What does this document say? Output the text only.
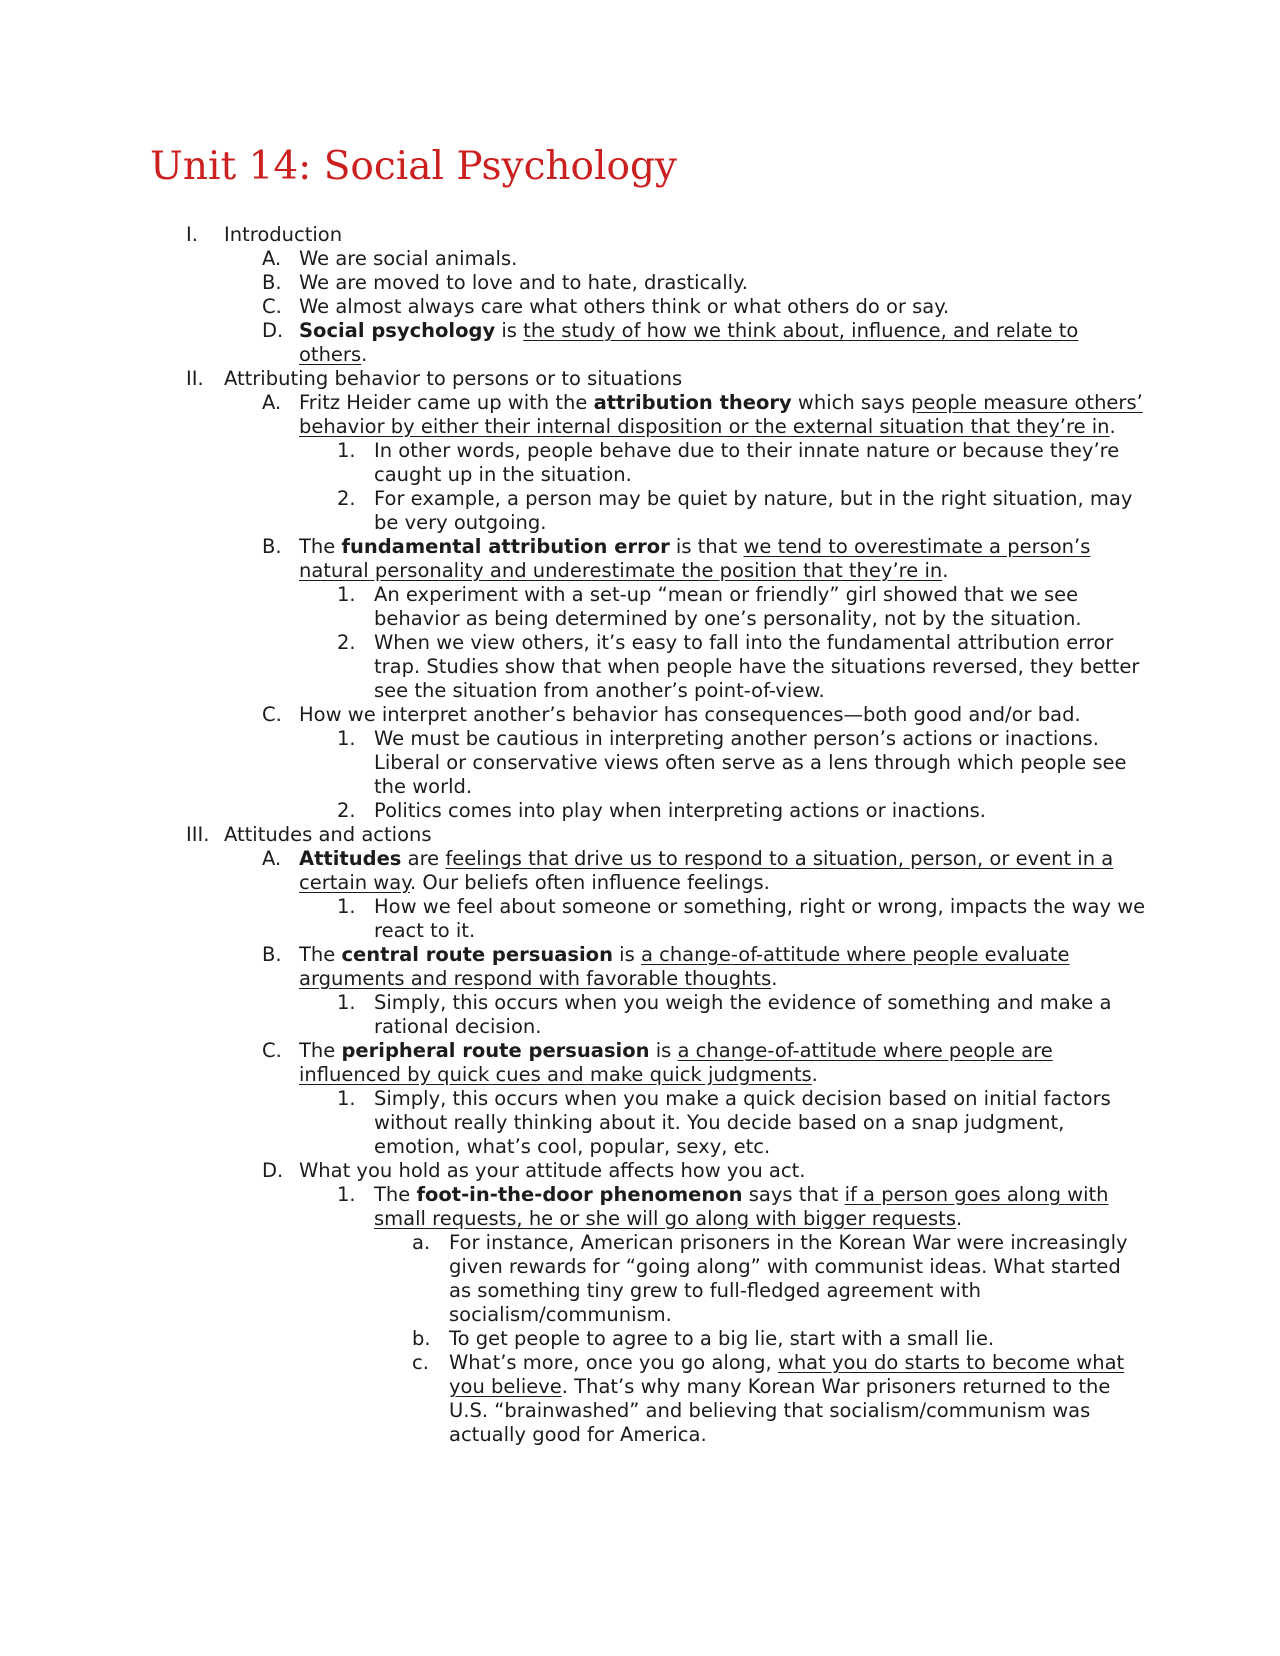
Unit 14: Social Psychology
I.	Introduction
A. We are social animals.
B. We are moved to love and to hate, drastically.
C. We almost always care what others think or what others do or say.
D. Social psychology is the study of how we think about, influence, and relate to others.
II.	Attributing behavior to persons or to situations
A. Fritz Heider came up with the attribution theory which says people measure others’ behavior by either their internal disposition or the external situation that they’re in.
1. In other words, people behave due to their innate nature or because they’re caught up in the situation.
2. For example, a person may be quiet by nature, but in the right situation, may be very outgoing.
B. The fundamental attribution error is that we tend to overestimate a person’s natural personality and underestimate the position that they’re in.
1. An experiment with a set-up “mean or friendly” girl showed that we see behavior as being determined by one’s personality, not by the situation.
2. When we view others, it’s easy to fall into the fundamental attribution error trap. Studies show that when people have the situations reversed, they better see the situation from another’s point-of-view.
C. How we interpret another’s behavior has consequences—both good and/or bad.
1. We must be cautious in interpreting another person’s actions or inactions. Liberal or conservative views often serve as a lens through which people see the world.
2. Politics comes into play when interpreting actions or inactions.
III. Attitudes and actions
A. Attitudes are feelings that drive us to respond to a situation, person, or event in a certain way. Our beliefs often influence feelings.
1. How we feel about someone or something, right or wrong, impacts the way we react to it.
B. The central route persuasion is a change-of-attitude where people evaluate arguments and respond with favorable thoughts.
1. Simply, this occurs when you weigh the evidence of something and make a rational decision.
C. The peripheral route persuasion is a change-of-attitude where people are influenced by quick cues and make quick judgments.
1. Simply, this occurs when you make a quick decision based on initial factors without really thinking about it. You decide based on a snap judgment, emotion, what’s cool, popular, sexy, etc.
D. What you hold as your attitude affects how you act.
1. The foot-in-the-door phenomenon says that if a person goes along with small requests, he or she will go along with bigger requests.
a. For instance, American prisoners in the Korean War were increasingly given rewards for “going along” with communist ideas. What started as something tiny grew to full-fledged agreement with socialism/communism.
b. To get people to agree to a big lie, start with a small lie.
c.	What’s more, once you go along, what you do starts to become what you believe. That’s why many Korean War prisoners returned to the U.S. “brainwashed” and believing that socialism/communism was actually good for America.
